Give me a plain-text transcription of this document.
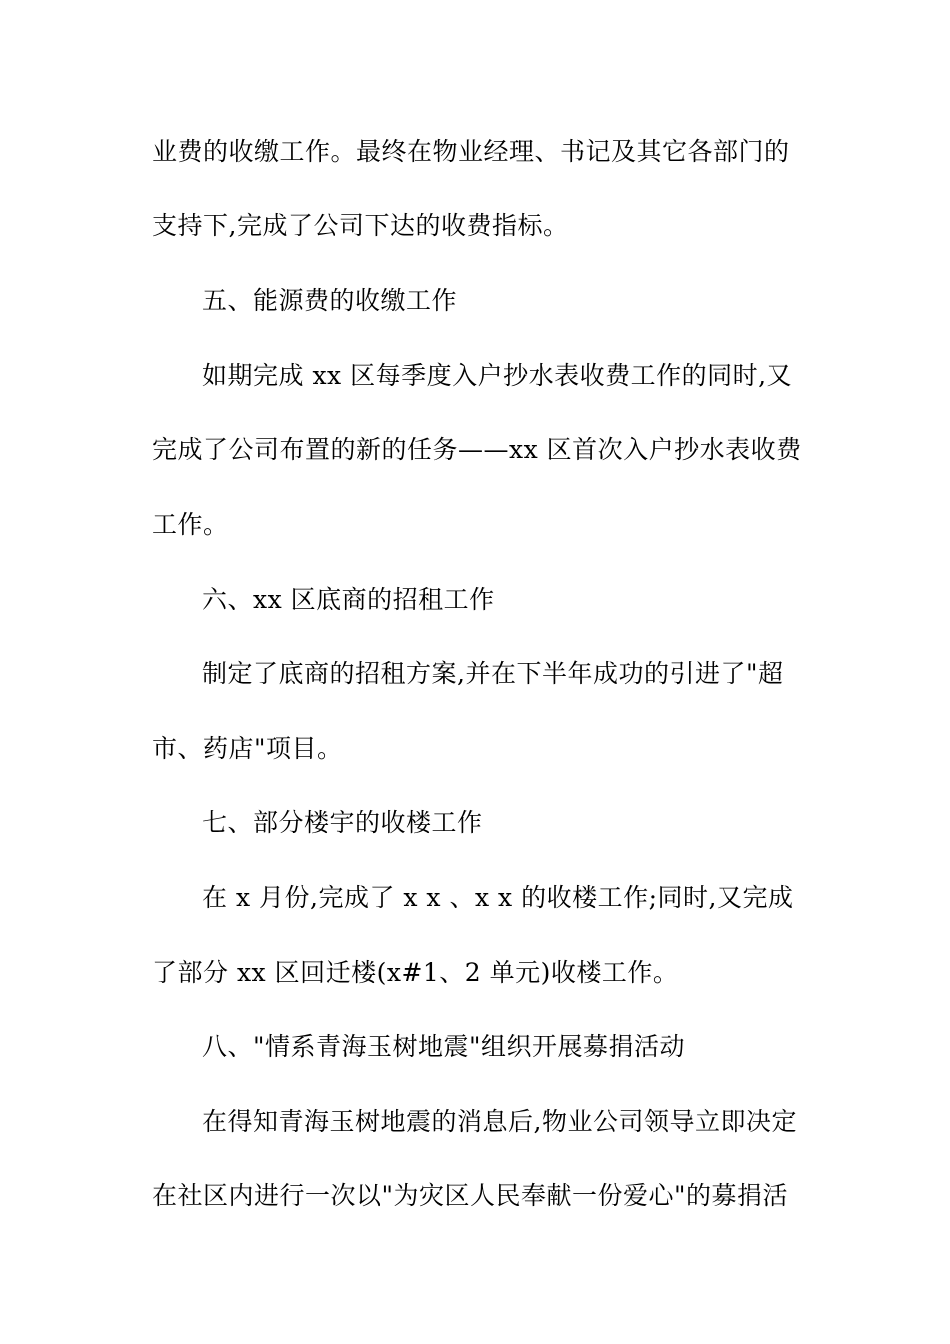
业费的收缴工作。最终在物业经理、书记及其它各部门的
支持下,完成了公司下达的收费指标。
五、能源费的收缴工作
如期完成 xx 区每季度入户抄水表收费工作的同时,又
完成了公司布置的新的任务——xx 区首次入户抄水表收费
工作。
六、xx 区底商的招租工作
制定了底商的招租方案,并在下半年成功的引进了"超
市、药店"项目。
七、部分楼宇的收楼工作
在 x 月份,完成了 x x 、x x 的收楼工作;同时,又完成
了部分 xx 区回迁楼(x#1、2 单元)收楼工作。
八、"情系青海玉树地震"组织开展募捐活动
在得知青海玉树地震的消息后,物业公司领导立即决定
在社区内进行一次以"为灾区人民奉献一份爱心"的募捐活
